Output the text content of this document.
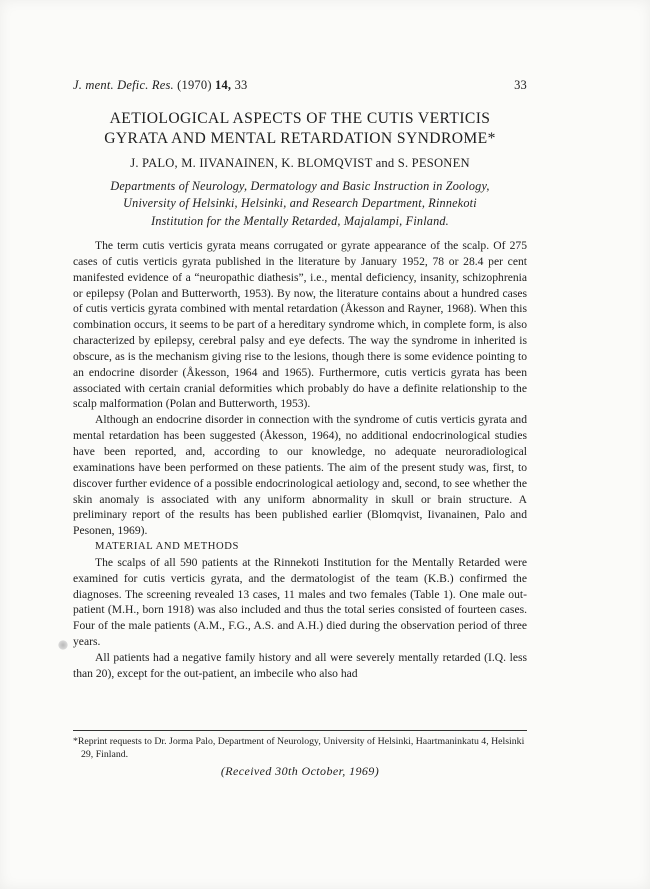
J. ment. Defic. Res. (1970) 14, 33	33
AETIOLOGICAL ASPECTS OF THE CUTIS VERTICIS
GYRATA AND MENTAL RETARDATION SYNDROME*
J. PALO, M. IIVANAINEN, K. BLOMQVIST and S. PESONEN
Departments of Neurology, Dermatology and Basic Instruction in Zoology,
University of Helsinki, Helsinki, and Research Department, Rinnekoti
Institution for the Mentally Retarded, Majalampi, Finland.

The term cutis verticis gyrata means corrugated or gyrate appearance of the scalp. Of 275 cases of cutis verticis gyrata published in the literature by January 1952, 78 or 28.4 per cent manifested evidence of a “neuropathic diathesis”, i.e., mental deficiency, insanity, schizophrenia or epilepsy (Polan and Butterworth, 1953). By now, the literature contains about a hundred cases of cutis verticis gyrata combined with mental retardation (Åkesson and Rayner, 1968). When this combination occurs, it seems to be part of a hereditary syndrome which, in complete form, is also characterized by epilepsy, cerebral palsy and eye defects. The way the syndrome in inherited is obscure, as is the mechanism giving rise to the lesions, though there is some evidence pointing to an endocrine disorder (Åkesson, 1964 and 1965). Furthermore, cutis verticis gyrata has been associated with certain cranial deformities which probably do have a definite relationship to the scalp malformation (Polan and Butterworth, 1953).

Although an endocrine disorder in connection with the syndrome of cutis verticis gyrata and mental retardation has been suggested (Åkesson, 1964), no additional endocrinological studies have been reported, and, according to our knowledge, no adequate neuroradiological examinations have been performed on these patients. The aim of the present study was, first, to discover further evidence of a possible endocrinological aetiology and, second, to see whether the skin anomaly is associated with any uniform abnormality in skull or brain structure. A preliminary report of the results has been published earlier (Blomqvist, Iivanainen, Palo and Pesonen, 1969).

MATERIAL AND METHODS

The scalps of all 590 patients at the Rinnekoti Institution for the Mentally Retarded were examined for cutis verticis gyrata, and the dermatologist of the team (K.B.) confirmed the diagnoses. The screening revealed 13 cases, 11 males and two females (Table 1). One male out-patient (M.H., born 1918) was also included and thus the total series consisted of fourteen cases. Four of the male patients (A.M., F.G., A.S. and A.H.) died during the observation period of three years.

All patients had a negative family history and all were severely mentally retarded (I.Q. less than 20), except for the out-patient, an imbecile who also had

*Reprint requests to Dr. Jorma Palo, Department of Neurology, University of Helsinki, Haartmaninkatu 4, Helsinki 29, Finland.
(Received 30th October, 1969)
